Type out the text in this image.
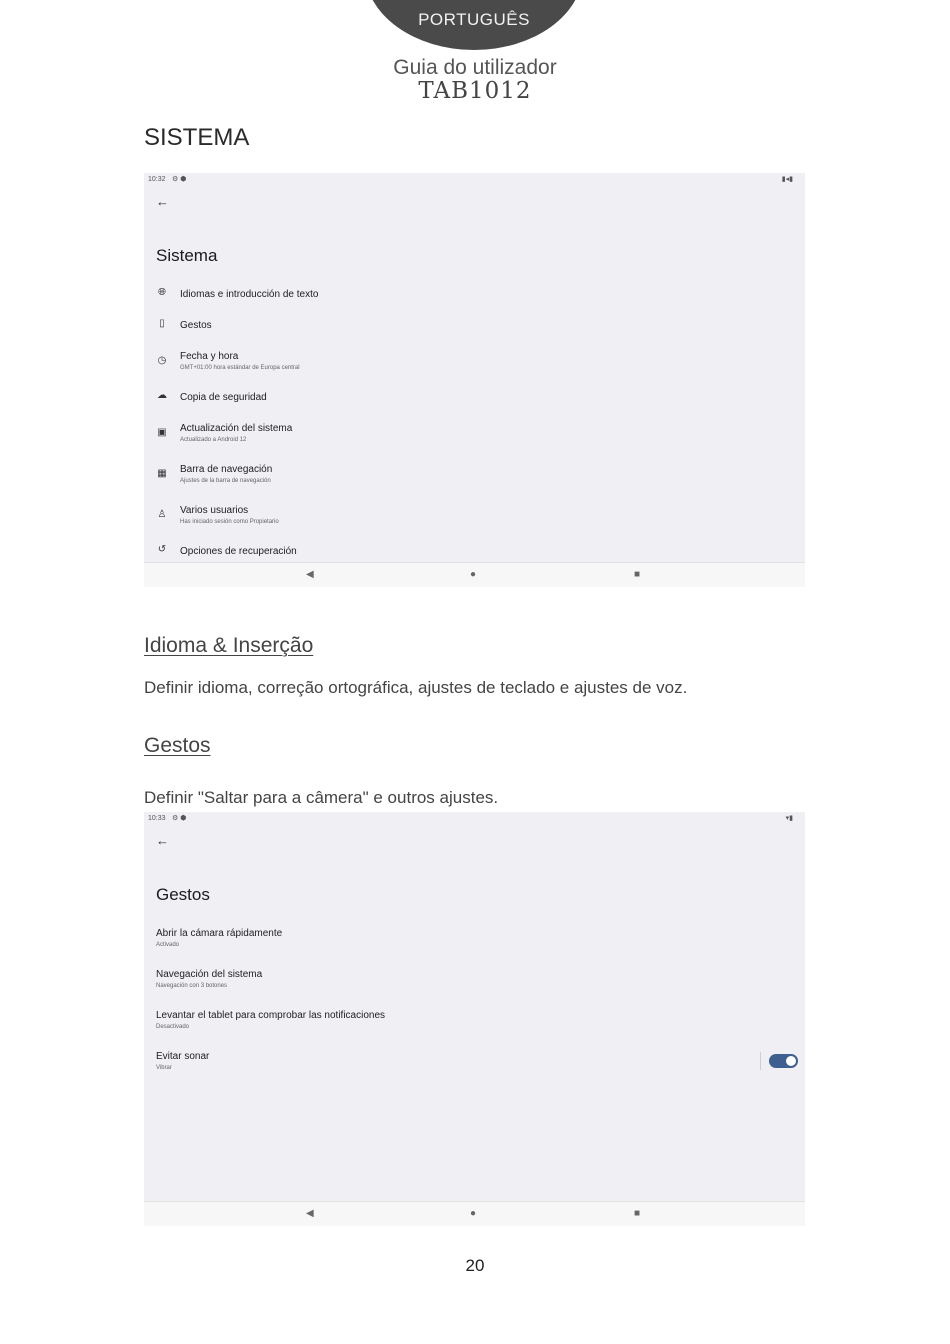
PORTUGUÊS
Guia do utilizador
TAB1012
SISTEMA
10:32 ⚙ ⬢	▮◂▮
←
Sistema
🌐︎ Idiomas e introducción de texto
▯	Gestos
◷ Fecha y hora
GMT+01:00 hora estándar de Europa central
☁ Copia de seguridad
▣ Actualización del sistema
Actualizado a Android 12
▦ Barra de navegación
Ajustes de la barra de navegación
♙ Varios usuarios
Has iniciado sesión como Propietario
↺ Opciones de recuperación
◀	●	■
Idioma & Inserção
Definir idioma, correção ortográfica, ajustes de teclado e ajustes de voz.
Gestos
Definir "Saltar para a câmera" e outros ajustes.
10:33 ⚙ ⬢	▾▮
←
Gestos
Abrir la cámara rápidamente
Activado
Navegación del sistema
Navegación con 3 botones
Levantar el tablet para comprobar las notificaciones
Desactivado
Evitar sonar
Vibrar
◀	●	■
20
